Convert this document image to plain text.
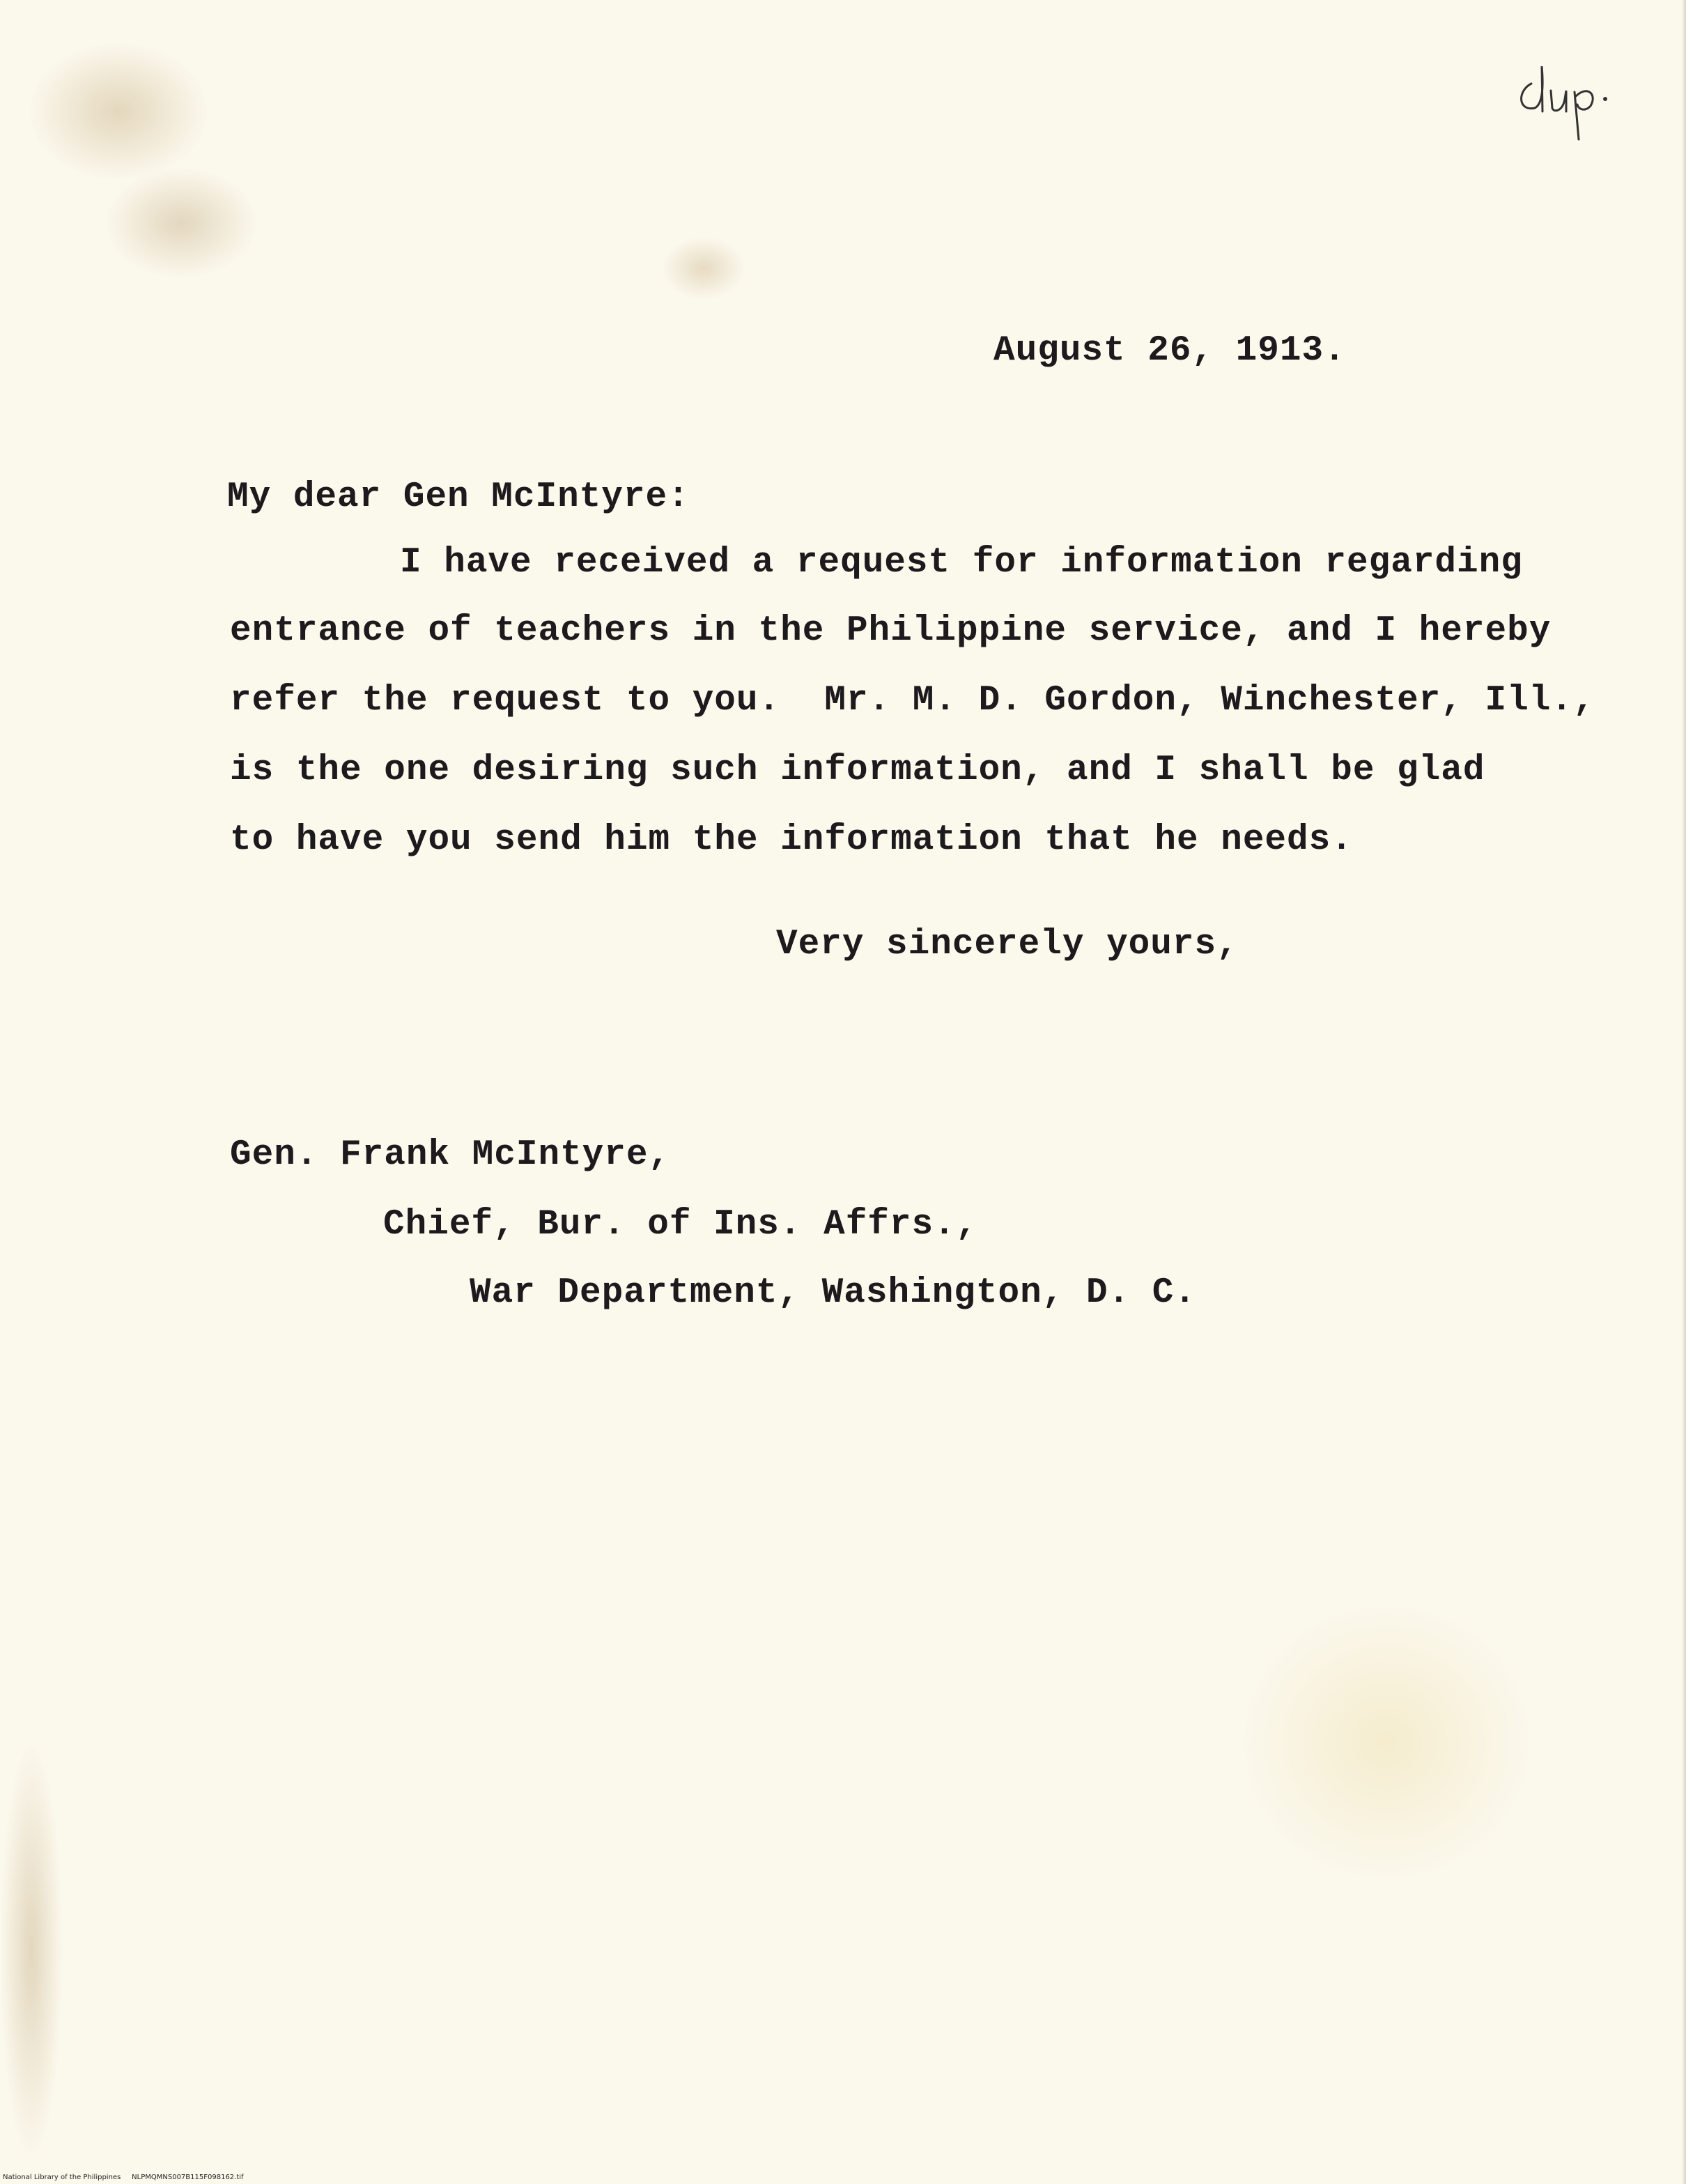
August 26, 1913.
My dear Gen McIntyre:
I have received a request for information regarding
entrance of teachers in the Philippine service, and I hereby
refer the request to you.  Mr. M. D. Gordon, Winchester, Ill.,
is the one desiring such information, and I shall be glad
to have you send him the information that he needs.
Very sincerely yours,
Gen. Frank McIntyre,
Chief, Bur. of Ins. Affrs.,
War Department, Washington, D. C.
National Library of the Philippines     NLPMQMNS007B115F098162.tif
